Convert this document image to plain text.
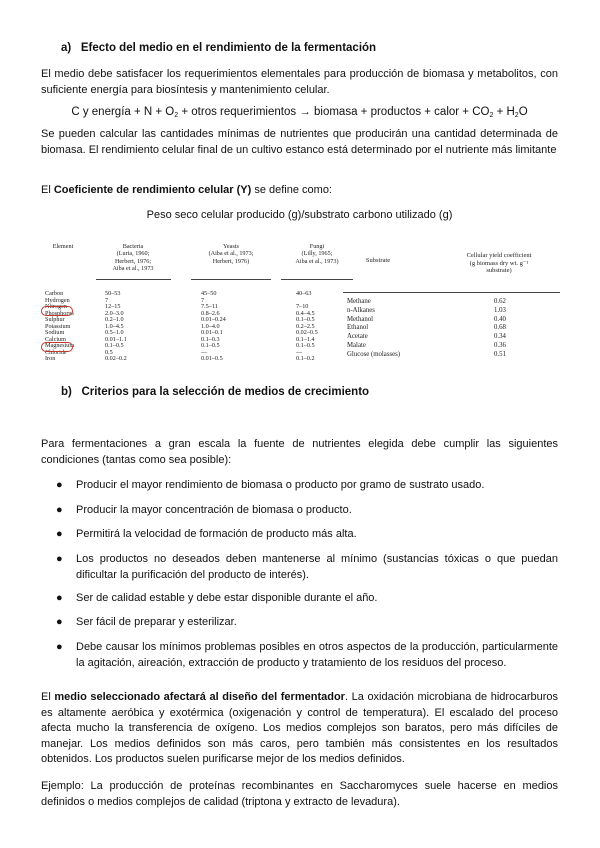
a) Efecto del medio en el rendimiento de la fermentación
El medio debe satisfacer los requerimientos elementales para producción de biomasa y metabolitos, con suficiente energía para biosíntesis y mantenimiento celular.
C y energía + $N + O_2$ + otros requerimientos → biomasa + productos + calor + $CO_2 + H_2O$
Se pueden calcular las cantidades mínimas de nutrientes que producirán una cantidad determinada de biomasa. El rendimiento celular final de un cultivo estanco está determinado por el nutriente más limitante
El Coeficiente de rendimiento celular (Y) se define como:
Peso seco celular producido (g)/substrato carbono utilizado (g)
Element	Bacteria
(Luria, 1960;
Herbert, 1976;
Aiba et al., 1973
Yeasts
(Aiba et al., 1973;
Herbert, 1976)
Fungi
(Lilly, 1965;
Aiba et al., 1973)
Carbon	50–53	45–50	40–63
Hydrogen	7	7
Nitrogen	12–15	7.5–11	7–10
Phosphorus	2.0–3.0	0.8–2.6	0.4–4.5
Sulphur	0.2–1.0	0.01–0.24	0.1–0.5
Potassium	1.0–4.5	1.0–4.0	0.2–2.5
Sodium	0.5–1.0	0.01–0.1	0.02–0.5
Calcium	0.01–1.1	0.1–0.3	0.1–1.4
Magnesium	0.1–0.5	0.1–0.5	0.1–0.5
Chloride	0.5	—	—
Iron	0.02–0.2	0.01–0.5	0.1–0.2
Substrate
Cellular yield coefficient
(g biomass dry wt. g⁻¹
substrate)
Methane	0.62
n-Alkanes	1.03
Methanol	0.40
Ethanol	0.68
Acetate	0.34
Malate	0.36
Glucose (molasses)	0.51
b) Criterios para la selección de medios de crecimiento
Para fermentaciones a gran escala la fuente de nutrientes elegida debe cumplir las siguientes condiciones (tantas como sea posible):
● Producir el mayor rendimiento de biomasa o producto por gramo de sustrato usado.
● Producir la mayor concentración de biomasa o producto.
● Permitirá la velocidad de formación de producto más alta.
● Los productos no deseados deben mantenerse al mínimo (sustancias tóxicas o que puedan dificultar la purificación del producto de interés).
● Ser de calidad estable y debe estar disponible durante el año.
● Ser fácil de preparar y esterilizar.
● Debe causar los mínimos problemas posibles en otros aspectos de la producción, particularmente la agitación, aireación, extracción de producto y tratamiento de los residuos del proceso.
El medio seleccionado afectará al diseño del fermentador. La oxidación microbiana de hidrocarburos es altamente aeróbica y exotérmica (oxigenación y control de temperatura). El escalado del proceso afecta mucho la transferencia de oxígeno. Los medios complejos son baratos, pero más difíciles de manejar. Los medios definidos son más caros, pero también más consistentes en los resultados obtenidos. Los productos suelen purificarse mejor de los medios definidos.
Ejemplo: La producción de proteínas recombinantes en Saccharomyces suele hacerse en medios definidos o medios complejos de calidad (triptona y extracto de levadura).
